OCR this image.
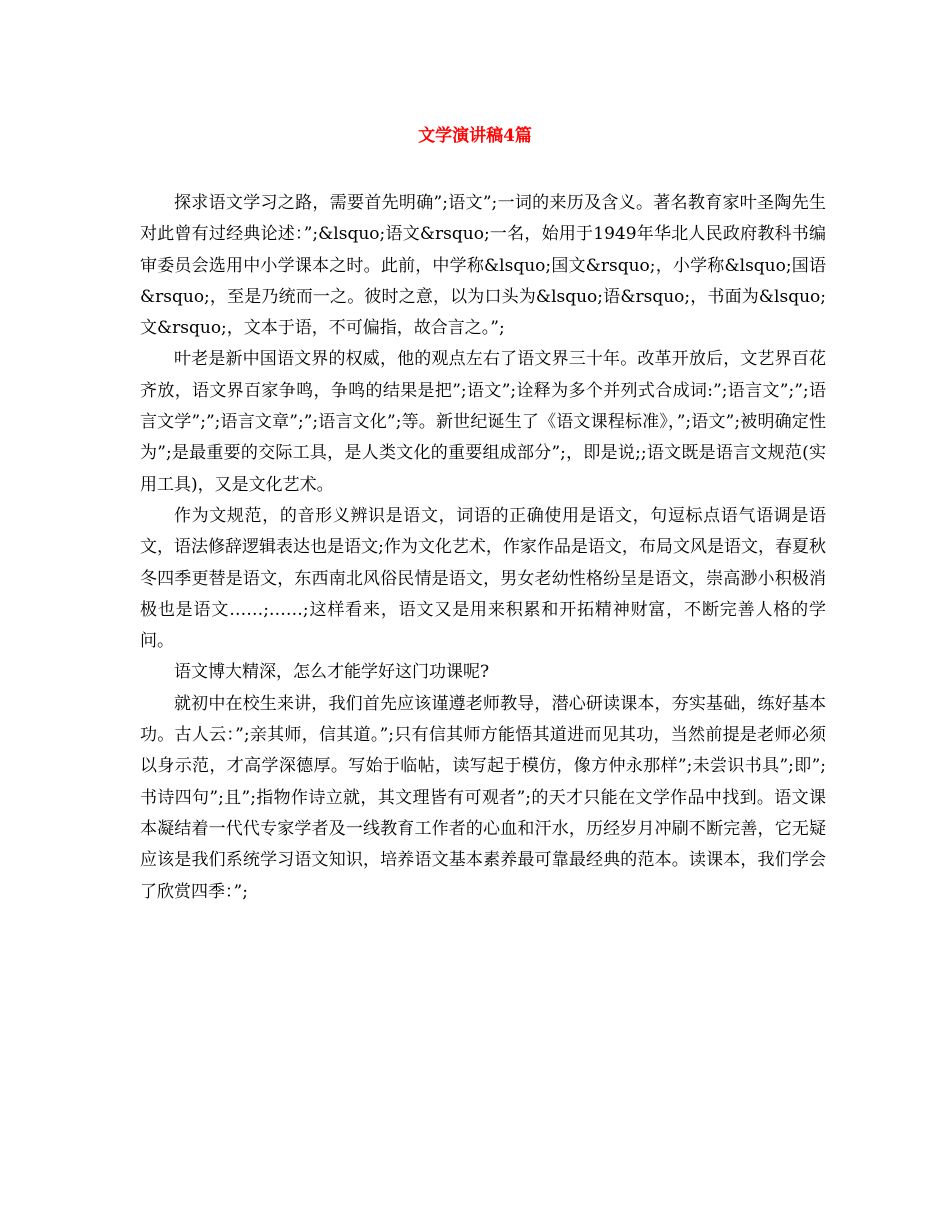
文学演讲稿4篇

探求语文学习之路，需要首先明确”;语文”;一词的来历及含义。著名教育家叶圣陶先生对此曾有过经典论述：”;&lsquo;语文&rsquo;一名，始用于1949年华北人民政府教科书编审委员会选用中小学课本之时。此前，中学称&lsquo;国文&rsquo;，小学称&lsquo;国语&rsquo;，至是乃统而一之。彼时之意，以为口头为&lsquo;语&rsquo;，书面为&lsquo;文&rsquo;，文本于语，不可偏指，故合言之。”;

叶老是新中国语文界的权威，他的观点左右了语文界三十年。改革开放后，文艺界百花齐放，语文界百家争鸣，争鸣的结果是把”;语文”;诠释为多个并列式合成词:”;语言文”;”;语言文学”;”;语言文章”;”;语言文化”;等。新世纪诞生了《语文课程标准》，”;语文”;被明确定性为”;是最重要的交际工具，是人类文化的重要组成部分”;，即是说;;语文既是语言文规范(实用工具)，又是文化艺术。

作为文规范，的音形义辨识是语文，词语的正确使用是语文，句逗标点语气语调是语文，语法修辞逻辑表达也是语文;作为文化艺术，作家作品是语文，布局文风是语文，春夏秋冬四季更替是语文，东西南北风俗民情是语文，男女老幼性格纷呈是语文，崇高渺小积极消极也是语文……;……;这样看来，语文又是用来积累和开拓精神财富，不断完善人格的学问。

语文博大精深，怎么才能学好这门功课呢?

就初中在校生来讲，我们首先应该谨遵老师教导，潜心研读课本，夯实基础，练好基本功。古人云：”;亲其师，信其道。”;只有信其师方能悟其道进而见其功，当然前提是老师必须以身示范，才高学深德厚。写始于临帖，读写起于模仿，像方仲永那样”;未尝识书具”;即”;书诗四句”;且”;指物作诗立就，其文理皆有可观者”;的天才只能在文学作品中找到。语文课本凝结着一代代专家学者及一线教育工作者的心血和汗水，历经岁月冲刷不断完善，它无疑应该是我们系统学习语文知识，培养语文基本素养最可靠最经典的范本。读课本，我们学会了欣赏四季：”;
